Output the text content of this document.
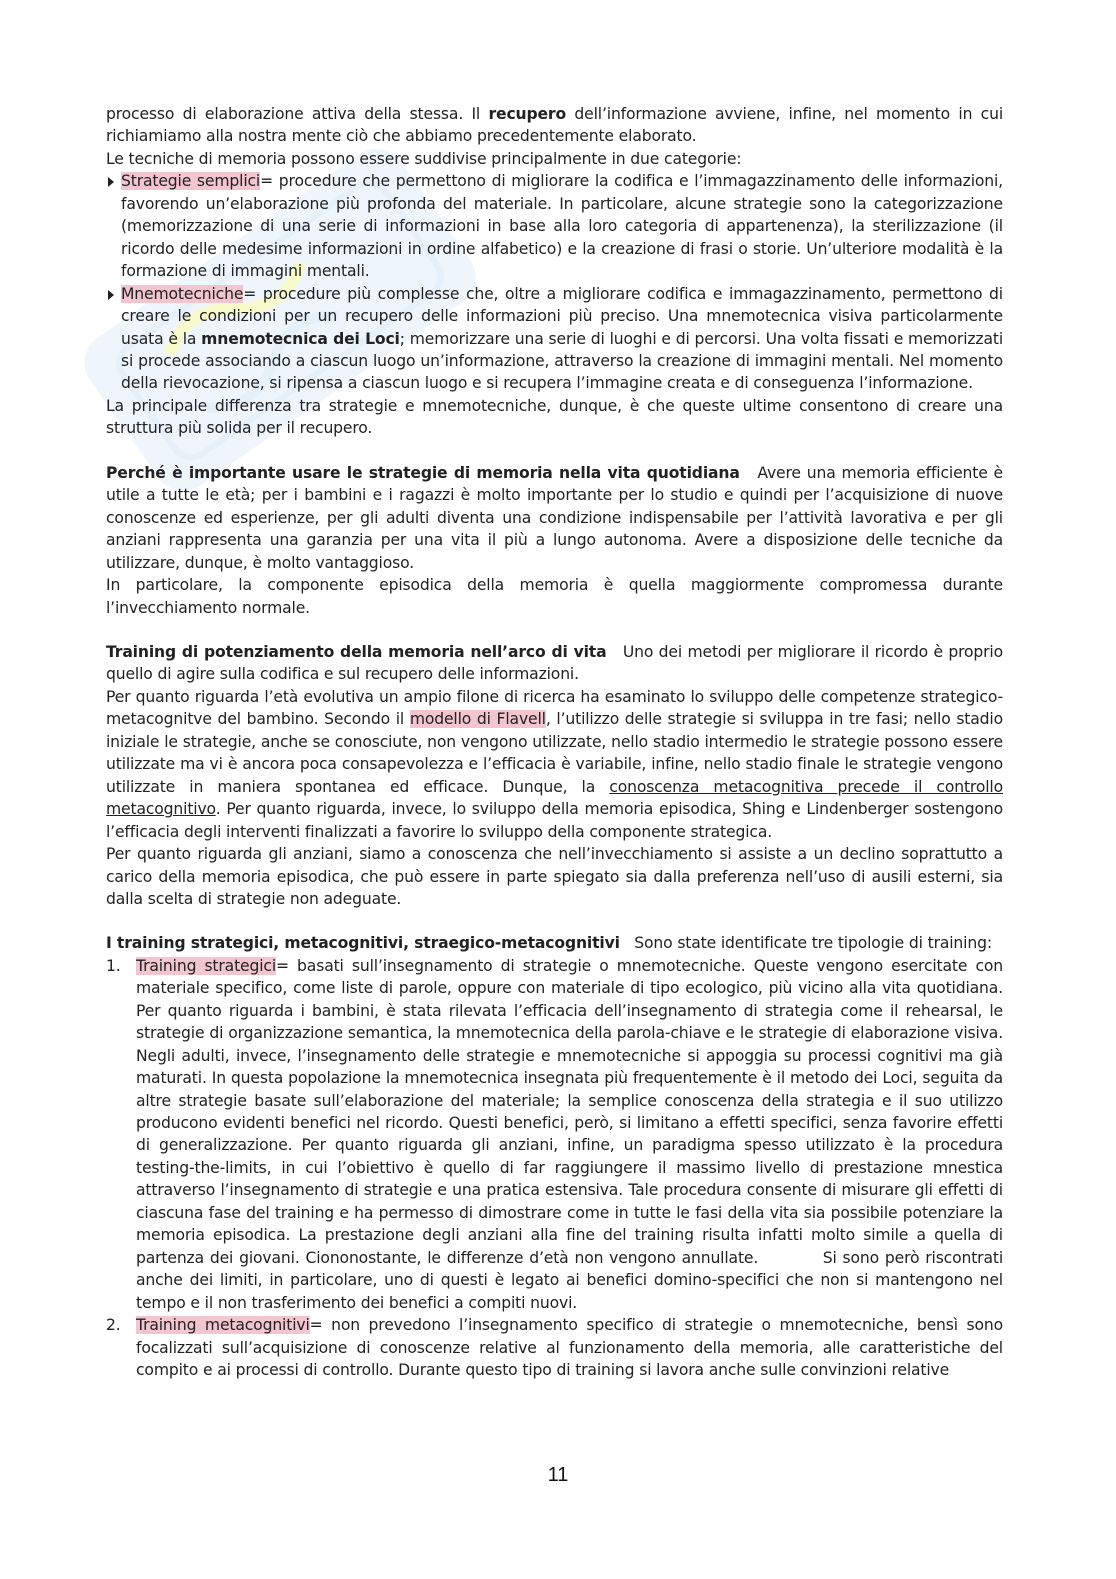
processo di elaborazione attiva della stessa. Il recupero dell’informazione avviene, infine, nel momento in cui richiamiamo alla nostra mente ciò che abbiamo precedentemente elaborato.

Le tecniche di memoria possono essere suddivise principalmente in due categorie:

Strategie semplici= procedure che permettono di migliorare la codifica e l’immagazzinamento delle informazioni, favorendo un’elaborazione più profonda del materiale. In particolare, alcune strategie sono la categorizzazione (memorizzazione di una serie di informazioni in base alla loro categoria di appartenenza), la sterilizzazione (il ricordo delle medesime informazioni in ordine alfabetico) e la creazione di frasi o storie. Un’ulteriore modalità è la formazione di immagini mentali.
Mnemotecniche= procedure più complesse che, oltre a migliorare codifica e immagazzinamento, permettono di creare le condizioni per un recupero delle informazioni più preciso. Una mnemotecnica visiva particolarmente usata è la mnemotecnica dei Loci; memorizzare una serie di luoghi e di percorsi. Una volta fissati e memorizzati si procede associando a ciascun luogo un’informazione, attraverso la creazione di immagini mentali. Nel momento della rievocazione, si ripensa a ciascun luogo e si recupera l’immagine creata e di conseguenza l’informazione.

La principale differenza tra strategie e mnemotecniche, dunque, è che queste ultime consentono di creare una struttura più solida per il recupero.

Perché è importante usare le strategie di memoria nella vita quotidiana   Avere una memoria efficiente è utile a tutte le età; per i bambini e i ragazzi è molto importante per lo studio e quindi per l’acquisizione di nuove conoscenze ed esperienze, per gli adulti diventa una condizione indispensabile per l’attività lavorativa e per gli anziani rappresenta una garanzia per una vita il più a lungo autonoma. Avere a disposizione delle tecniche da utilizzare, dunque, è molto vantaggioso.

In particolare, la componente episodica della memoria è quella maggiormente compromessa durante l’invecchiamento normale.

Training di potenziamento della memoria nell’arco di vita   Uno dei metodi per migliorare il ricordo è proprio quello di agire sulla codifica e sul recupero delle informazioni.

Per quanto riguarda l’età evolutiva un ampio filone di ricerca ha esaminato lo sviluppo delle competenze strategico-metacognitve del bambino. Secondo il modello di Flavell, l’utilizzo delle strategie si sviluppa in tre fasi; nello stadio iniziale le strategie, anche se conosciute, non vengono utilizzate, nello stadio intermedio le strategie possono essere utilizzate ma vi è ancora poca consapevolezza e l’efficacia è variabile, infine, nello stadio finale le strategie vengono utilizzate in maniera spontanea ed efficace. Dunque, la conoscenza metacognitiva precede il controllo metacognitivo. Per quanto riguarda, invece, lo sviluppo della memoria episodica, Shing e Lindenberger sostengono l’efficacia degli interventi finalizzati a favorire lo sviluppo della componente strategica.

Per quanto riguarda gli anziani, siamo a conoscenza che nell’invecchiamento si assiste a un declino soprattutto a carico della memoria episodica, che può essere in parte spiegato sia dalla preferenza nell’uso di ausili esterni, sia dalla scelta di strategie non adeguate.

I training strategici, metacognitivi, straegico-metacognitivi   Sono state identificate tre tipologie di training:

1. Training strategici= basati sull’insegnamento di strategie o mnemotecniche. Queste vengono esercitate con materiale specifico, come liste di parole, oppure con materiale di tipo ecologico, più vicino alla vita quotidiana. Per quanto riguarda i bambini, è stata rilevata l’efficacia dell’insegnamento di strategia come il rehearsal, le strategie di organizzazione semantica, la mnemotecnica della parola-chiave e le strategie di elaborazione visiva. Negli adulti, invece, l’insegnamento delle strategie e mnemotecniche si appoggia su processi cognitivi ma già maturati. In questa popolazione la mnemotecnica insegnata più frequentemente è il metodo dei Loci, seguita da altre strategie basate sull’elaborazione del materiale; la semplice conoscenza della strategia e il suo utilizzo producono evidenti benefici nel ricordo. Questi benefici, però, si limitano a effetti specifici, senza favorire effetti di generalizzazione. Per quanto riguarda gli anziani, infine, un paradigma spesso utilizzato è la procedura testing-the-limits, in cui l’obiettivo è quello di far raggiungere il massimo livello di prestazione mnestica attraverso l’insegnamento di strategie e una pratica estensiva. Tale procedura consente di misurare gli effetti di ciascuna fase del training e ha permesso di dimostrare come in tutte le fasi della vita sia possibile potenziare la memoria episodica. La prestazione degli anziani alla fine del training risulta infatti molto simile a quella di partenza dei giovani. Ciononostante, le differenze d’età non vengono annullate.           Si sono però riscontrati anche dei limiti, in particolare, uno di questi è legato ai benefici domino-specifici che non si mantengono nel tempo e il non trasferimento dei benefici a compiti nuovi.
2. Training metacognitivi= non prevedono l’insegnamento specifico di strategie o mnemotecniche, bensì sono focalizzati sull’acquisizione di conoscenze relative al funzionamento della memoria, alle caratteristiche del compito e ai processi di controllo. Durante questo tipo di training si lavora anche sulle convinzioni relative
11
